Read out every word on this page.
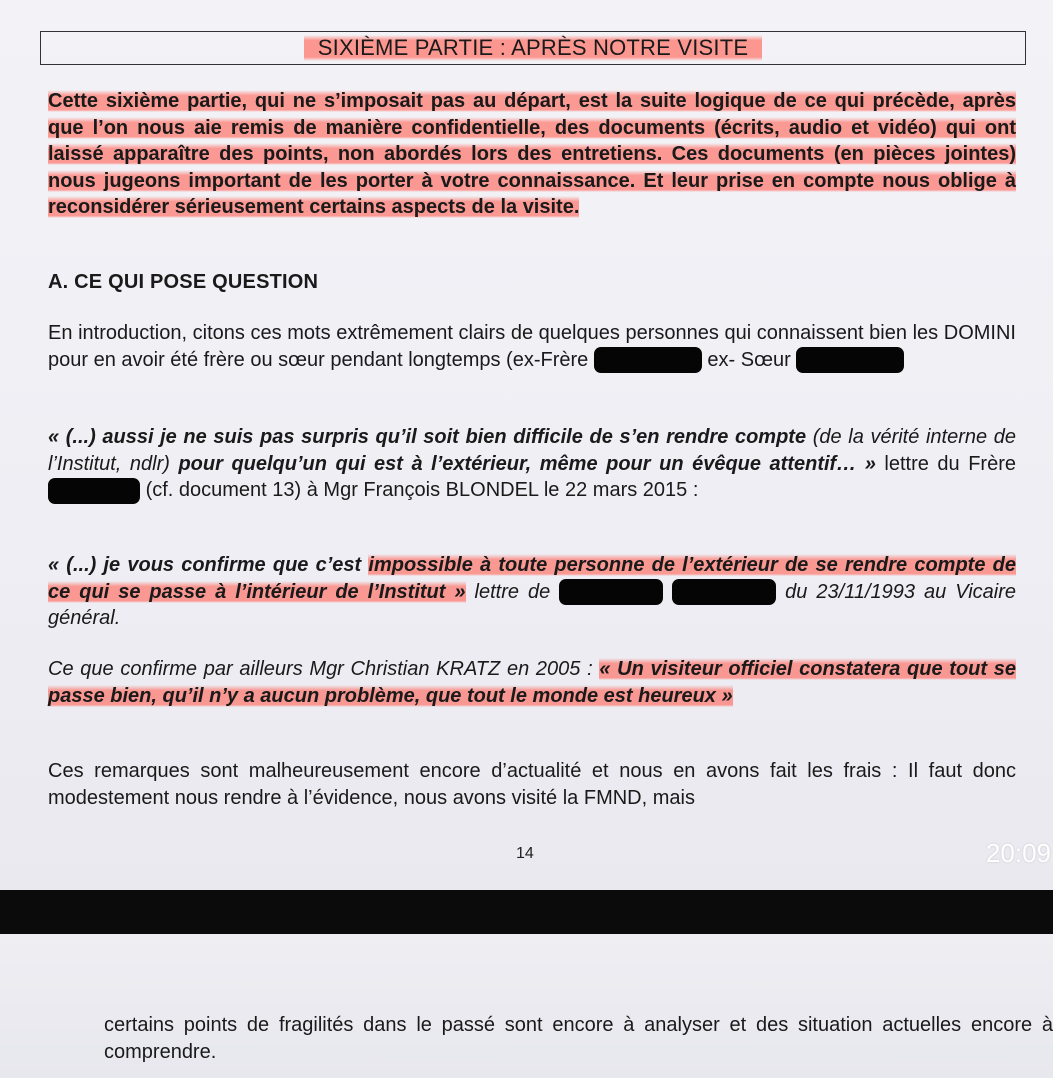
SIXIÈME PARTIE : APRÈS NOTRE VISITE
Cette sixième partie, qui ne s’imposait pas au départ, est la suite logique de ce qui précède, après que l’on nous aie remis de manière confidentielle, des documents (écrits, audio et vidéo) qui ont laissé apparaître des points, non abordés lors des entretiens. Ces documents (en pièces jointes) nous jugeons important de les porter à votre connaissance. Et leur prise en compte nous oblige à reconsidérer sérieusement certains aspects de la visite.
A. CE QUI POSE QUESTION
En introduction, citons ces mots extrêmement clairs de quelques personnes qui connaissent bien les DOMINI pour en avoir été frère ou sœur pendant longtemps (ex-Frère	ex- Sœur
« (...) aussi je ne suis pas surpris qu’il soit bien difficile de s’en rendre compte (de la vérité interne de l’Institut, ndlr) pour quelqu’un qui est à l’extérieur, même pour un évêque attentif… » lettre du Frère  (cf. document 13) à Mgr François BLONDEL le 22 mars 2015 :
« (...) je vous confirme que c’est impossible à toute personne de l’extérieur de se rendre compte de ce qui se passe à l’intérieur de l’Institut » lettre de	du 23/11/1993 au Vicaire général.
Ce que confirme par ailleurs Mgr Christian KRATZ en 2005 : « Un visiteur officiel constatera que tout se passe bien, qu’il n’y a aucun problème, que tout le monde est heureux »
Ces remarques sont malheureusement encore d’actualité et nous en avons fait les frais : Il faut donc modestement nous rendre à l’évidence, nous avons visité la FMND, mais
14	20:09
certains points de fragilités dans le passé sont encore à analyser et des situation actuelles encore à comprendre.
